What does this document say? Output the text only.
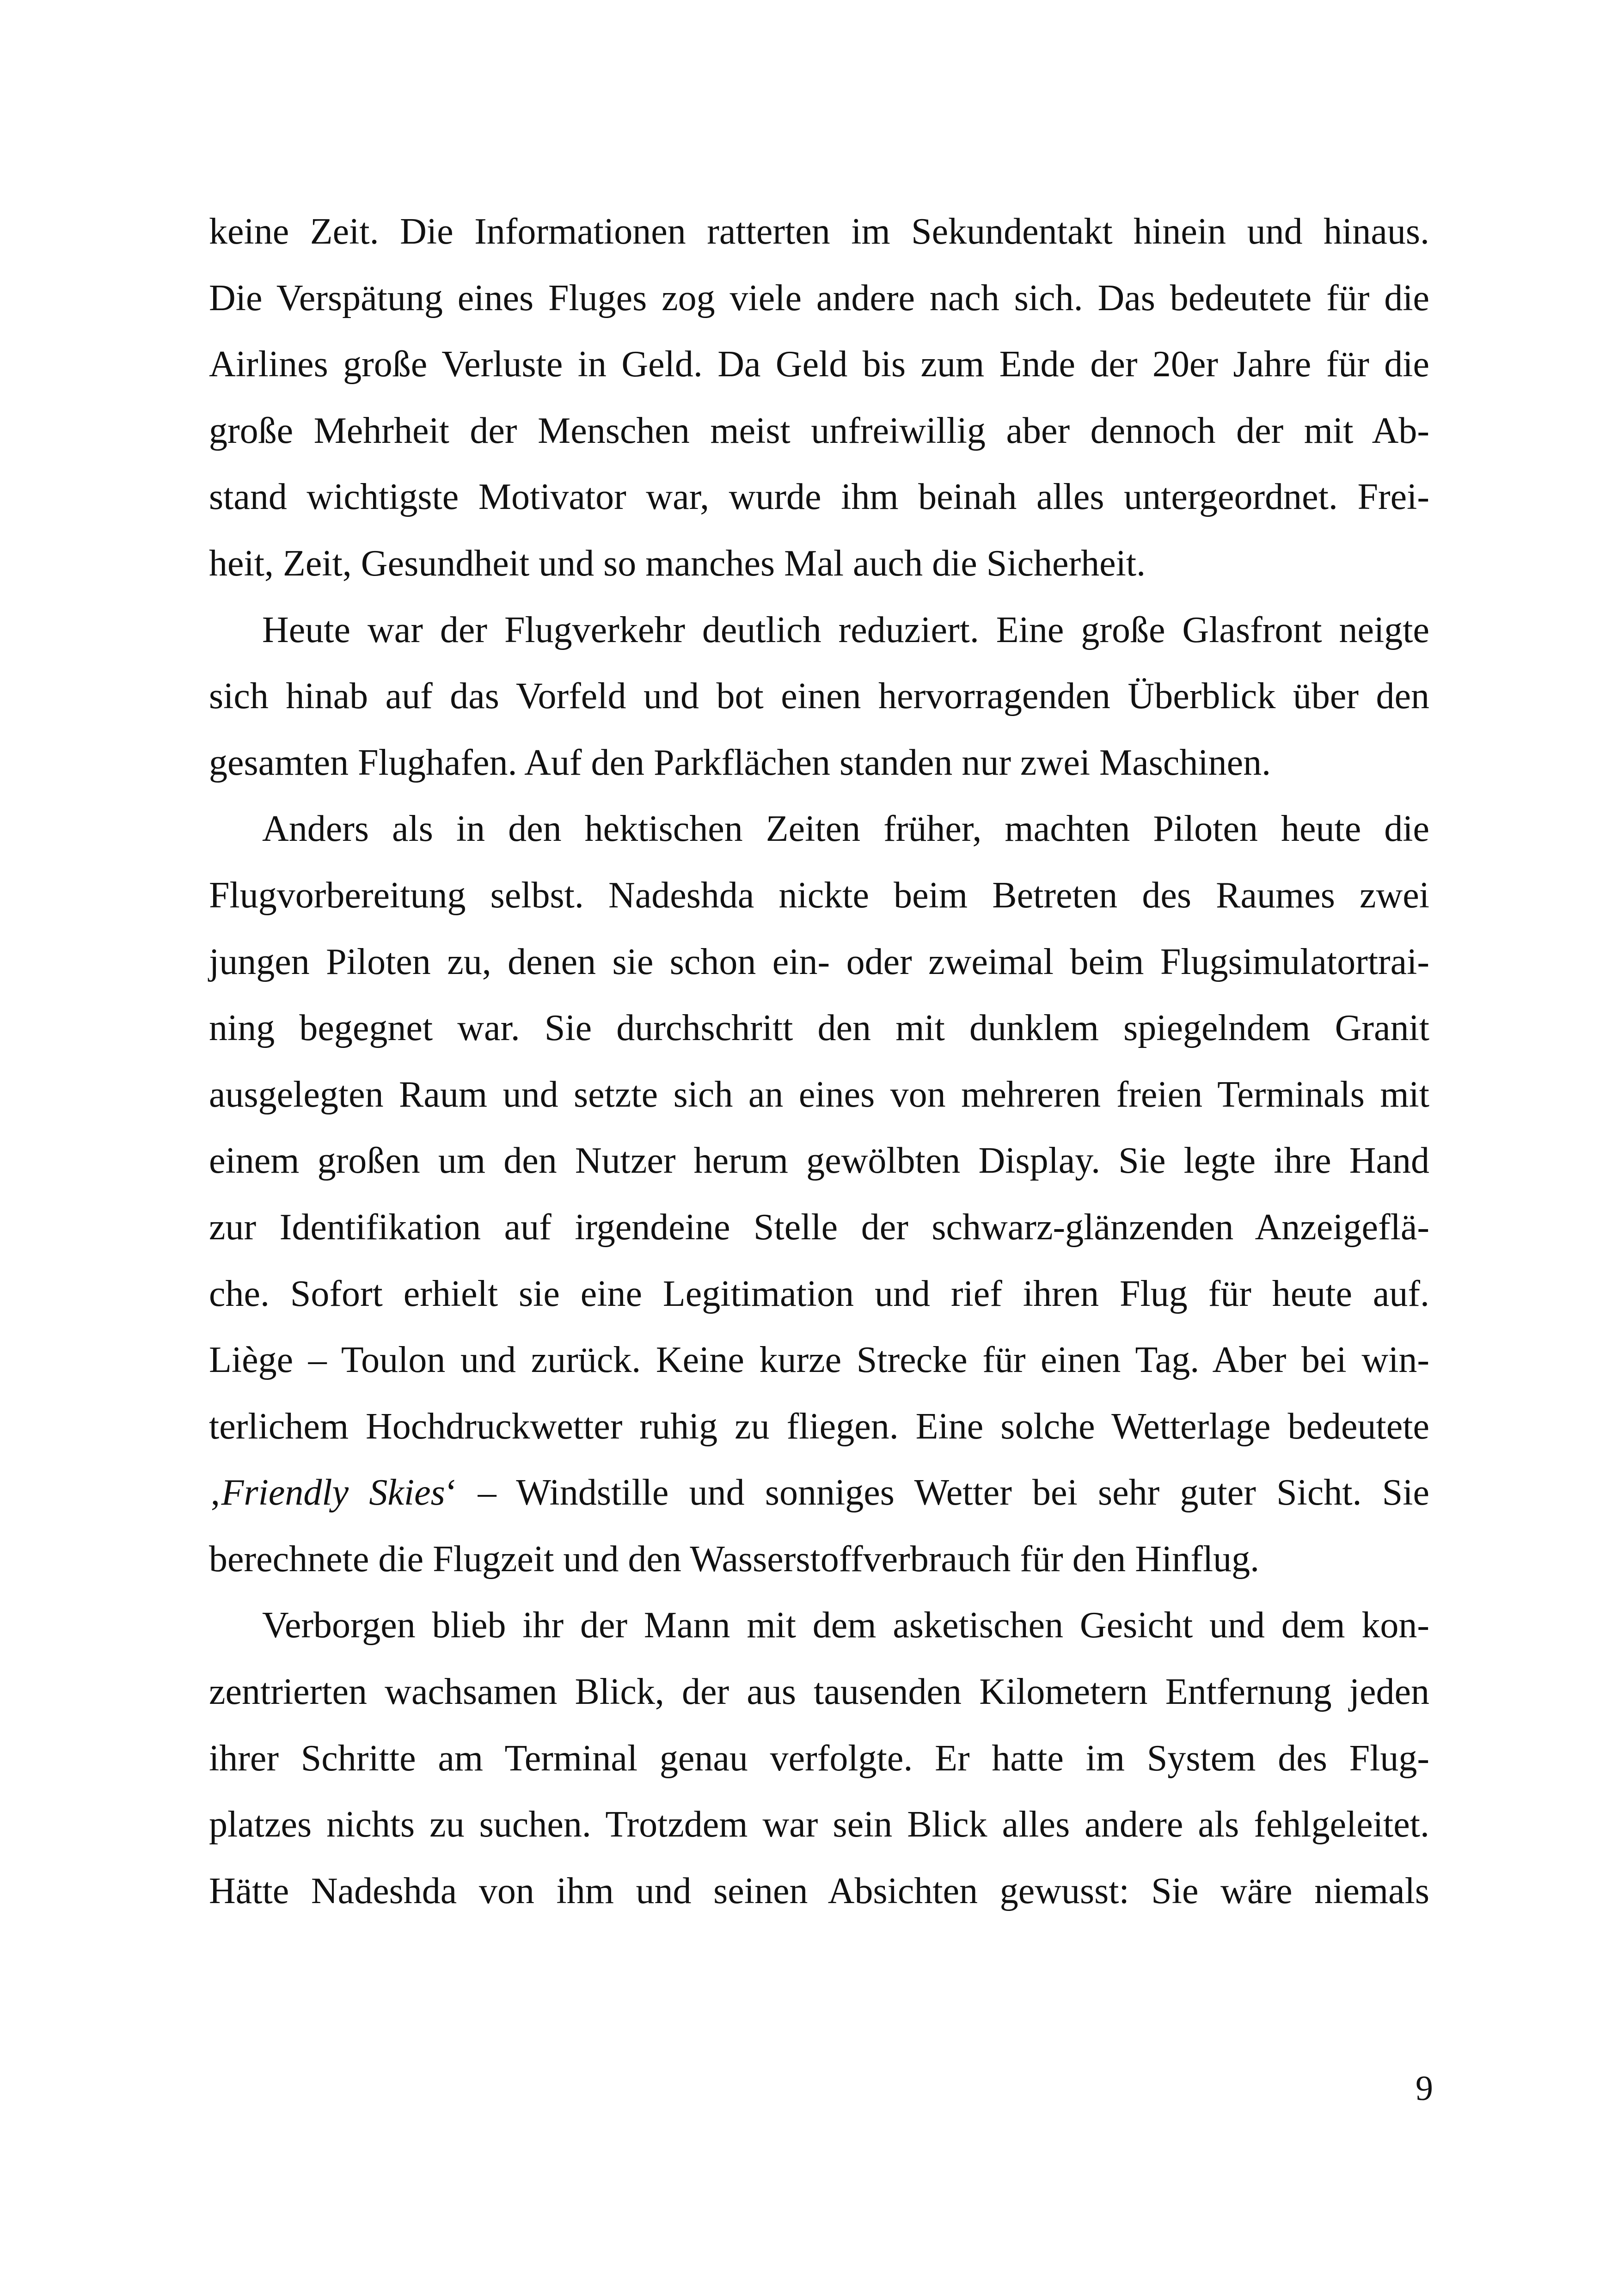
keine Zeit. Die Informationen ratterten im Sekundentakt hinein und hinaus.
Die Verspätung eines Fluges zog viele andere nach sich. Das bedeutete für die
Airlines große Verluste in Geld. Da Geld bis zum Ende der 20er Jahre für die
große Mehrheit der Menschen meist unfreiwillig aber dennoch der mit Ab-
stand wichtigste Motivator war, wurde ihm beinah alles untergeordnet. Frei-
heit, Zeit, Gesundheit und so manches Mal auch die Sicherheit.
Heute war der Flugverkehr deutlich reduziert. Eine große Glasfront neigte
sich hinab auf das Vorfeld und bot einen hervorragenden Überblick über den
gesamten Flughafen. Auf den Parkflächen standen nur zwei Maschinen.
Anders als in den hektischen Zeiten früher, machten Piloten heute die
Flugvorbereitung selbst. Nadeshda nickte beim Betreten des Raumes zwei
jungen Piloten zu, denen sie schon ein- oder zweimal beim Flugsimulatortrai-
ning begegnet war. Sie durchschritt den mit dunklem spiegelndem Granit
ausgelegten Raum und setzte sich an eines von mehreren freien Terminals mit
einem großen um den Nutzer herum gewölbten Display. Sie legte ihre Hand
zur Identifikation auf irgendeine Stelle der schwarz-glänzenden Anzeigeflä-
che. Sofort erhielt sie eine Legitimation und rief ihren Flug für heute auf.
Liège – Toulon und zurück. Keine kurze Strecke für einen Tag. Aber bei win-
terlichem Hochdruckwetter ruhig zu fliegen. Eine solche Wetterlage bedeutete
‚Friendly Skies‘ – Windstille und sonniges Wetter bei sehr guter Sicht. Sie
berechnete die Flugzeit und den Wasserstoffverbrauch für den Hinflug.
Verborgen blieb ihr der Mann mit dem asketischen Gesicht und dem kon-
zentrierten wachsamen Blick, der aus tausenden Kilometern Entfernung jeden
ihrer Schritte am Terminal genau verfolgte. Er hatte im System des Flug-
platzes nichts zu suchen. Trotzdem war sein Blick alles andere als fehlgeleitet.
Hätte Nadeshda von ihm und seinen Absichten gewusst: Sie wäre niemals
9
